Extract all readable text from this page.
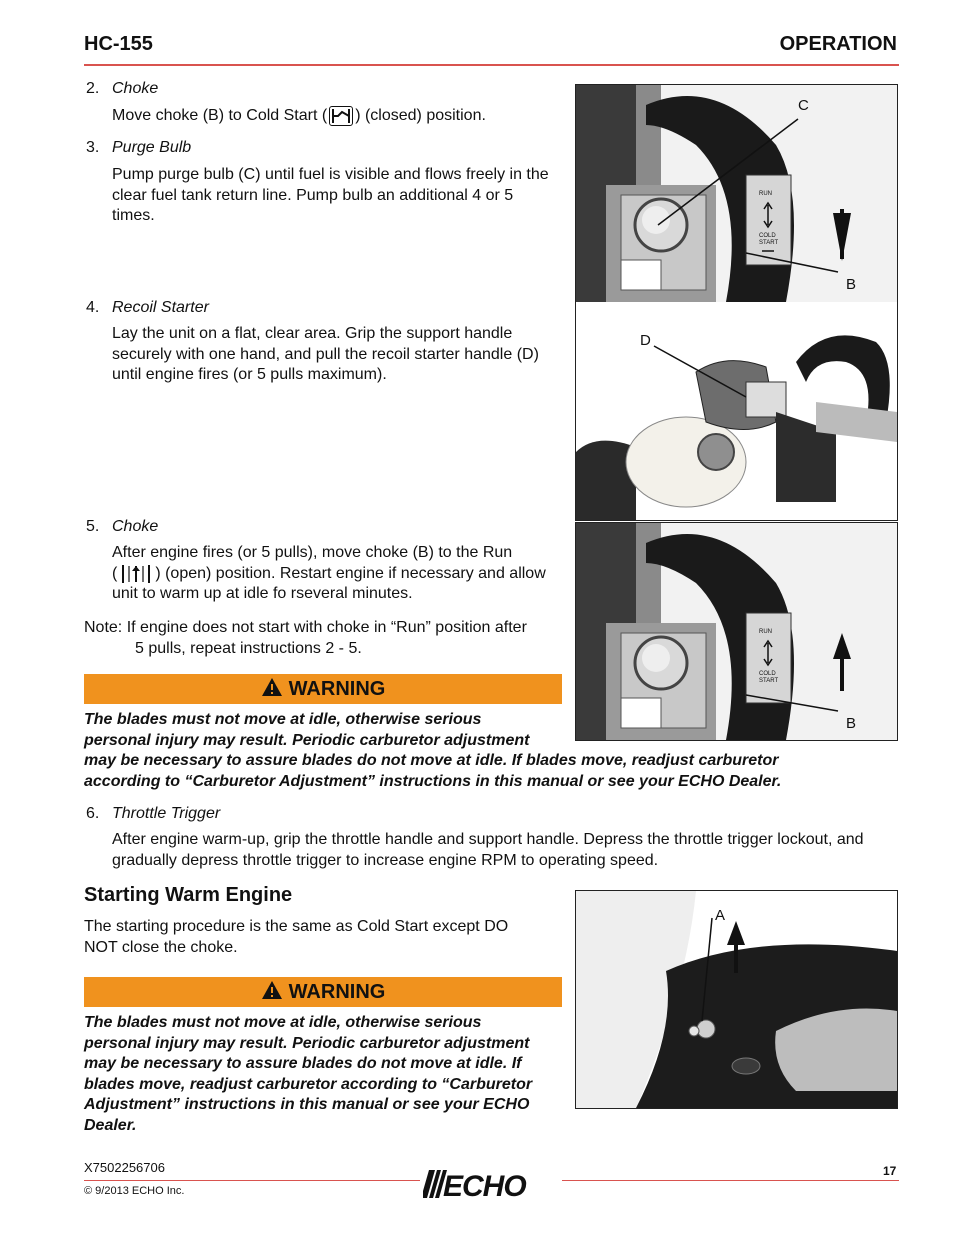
HC-155	OPERATION
2. Choke
Move choke (B) to Cold Start ( ) (closed) position.
3. Purge Bulb
Pump purge bulb (C) until fuel is visible and flows freely in the
clear fuel tank return line. Pump bulb an additional 4 or 5
times.
4. Recoil Starter
Lay the unit on a flat, clear area. Grip the support handle
securely with one hand, and pull the recoil starter handle (D)
until engine fires (or 5 pulls maximum).
5. Choke
After engine fires (or 5 pulls), move choke (B) to the Run
( ) (open) position. Restart engine if necessary and allow
unit to warm up at idle fo rseveral minutes.
Note: If engine does not start with choke in “Run” position after
5 pulls, repeat instructions 2 - 5.
WARNING
The blades must not move at idle, otherwise serious
personal injury may result. Periodic carburetor adjustment
may be necessary to assure blades do not move at idle. If blades move, readjust carburetor
according to “Carburetor Adjustment” instructions in this manual or see your ECHO Dealer.
6. Throttle Trigger
After engine warm-up, grip the throttle handle and support handle. Depress the throttle trigger lockout, and
gradually depress throttle trigger to increase engine RPM to operating speed.
Starting Warm Engine
The starting procedure is the same as Cold Start except DO
NOT close the choke.
WARNING
The blades must not move at idle, otherwise serious
personal injury may result. Periodic carburetor adjustment
may be necessary to assure blades do not move at idle. If
blades move, readjust carburetor according to “Carburetor
Adjustment” instructions in this manual or see your ECHO
Dealer.
RUN
COLD
START
C
B
D
RUN
COLD
START
B
A
X7502256706
© 9/2013 ECHO Inc.	ECHO	17
